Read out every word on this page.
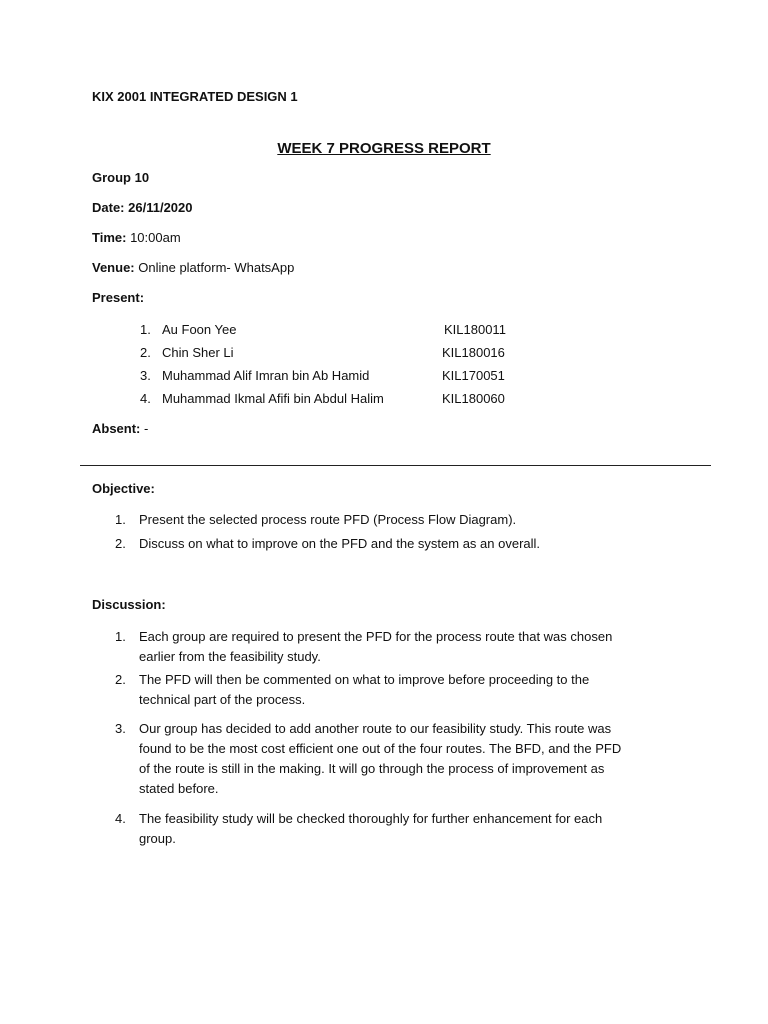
KIX 2001 INTEGRATED DESIGN 1
WEEK 7 PROGRESS REPORT
Group 10
Date: 26/11/2020
Time: 10:00am
Venue: Online platform- WhatsApp
Present:
1. Au Foon Yee	KIL180011
2. Chin Sher Li	KIL180016
3. Muhammad Alif Imran bin Ab Hamid	KIL170051
4. Muhammad Ikmal Afifi bin Abdul Halim	KIL180060
Absent: -
Objective:
1. Present the selected process route PFD (Process Flow Diagram).
2. Discuss on what to improve on the PFD and the system as an overall.
Discussion:
1. Each group are required to present the PFD for the process route that was chosen earlier from the feasibility study.
2. The PFD will then be commented on what to improve before proceeding to the technical part of the process.
3. Our group has decided to add another route to our feasibility study. This route was found to be the most cost efficient one out of the four routes. The BFD, and the PFD of the route is still in the making. It will go through the process of improvement as stated before.
4. The feasibility study will be checked thoroughly for further enhancement for each group.
